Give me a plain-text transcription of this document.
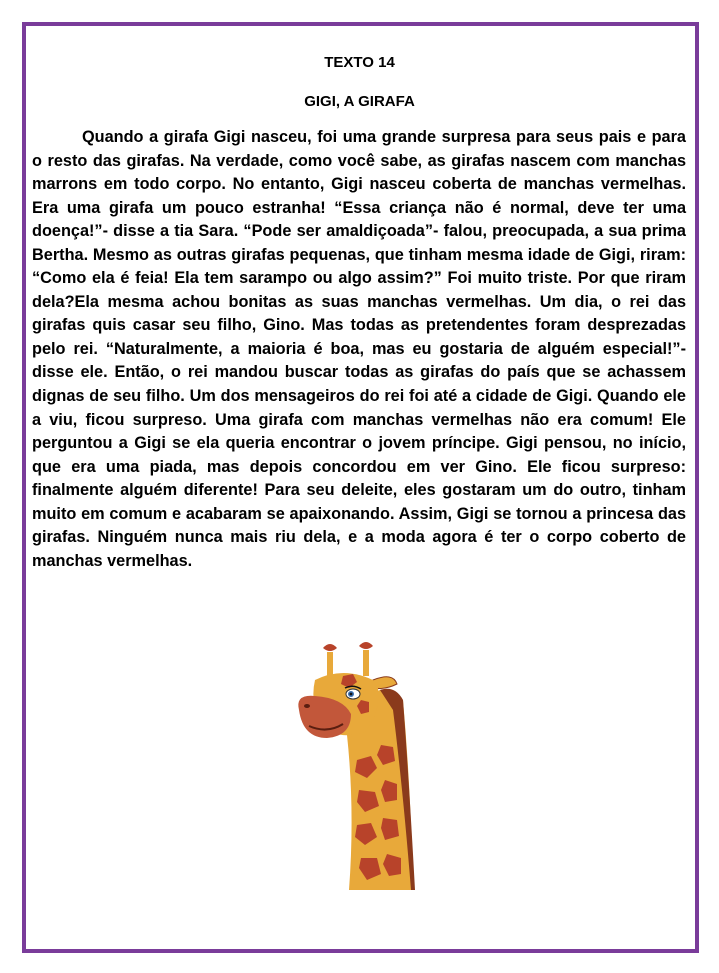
TEXTO 14
GIGI, A GIRAFA

Quando a girafa Gigi nasceu, foi uma grande surpresa para seus pais e para o resto das girafas. Na verdade, como você sabe, as girafas nascem com manchas marrons em todo corpo. No entanto, Gigi nasceu coberta de manchas vermelhas. Era uma girafa um pouco estranha! “Essa criança não é normal, deve ter uma doença!”- disse a tia Sara. “Pode ser amaldiçoada”- falou, preocupada, a sua prima Bertha. Mesmo as outras girafas pequenas, que tinham mesma idade de Gigi, riram: “Como ela é feia! Ela tem sarampo ou algo assim?” Foi muito triste. Por que riram dela?Ela mesma achou bonitas as suas manchas vermelhas. Um dia, o rei das girafas quis casar seu filho, Gino. Mas todas as pretendentes foram desprezadas pelo rei. “Naturalmente, a maioria é boa, mas eu gostaria de alguém especial!”- disse ele. Então, o rei mandou buscar todas as girafas do país que se achassem dignas de seu filho. Um dos mensageiros do rei foi até a cidade de Gigi. Quando ele a viu, ficou surpreso. Uma girafa com manchas vermelhas não era comum! Ele perguntou a Gigi se ela queria encontrar o jovem príncipe. Gigi pensou, no início, que era uma piada, mas depois concordou em ver Gino. Ele ficou surpreso: finalmente alguém diferente! Para seu deleite, eles gostaram um do outro, tinham muito em comum e acabaram se apaixonando. Assim, Gigi se tornou a princesa das girafas. Ninguém nunca mais riu dela, e a moda agora é ter o corpo coberto de manchas vermelhas.
